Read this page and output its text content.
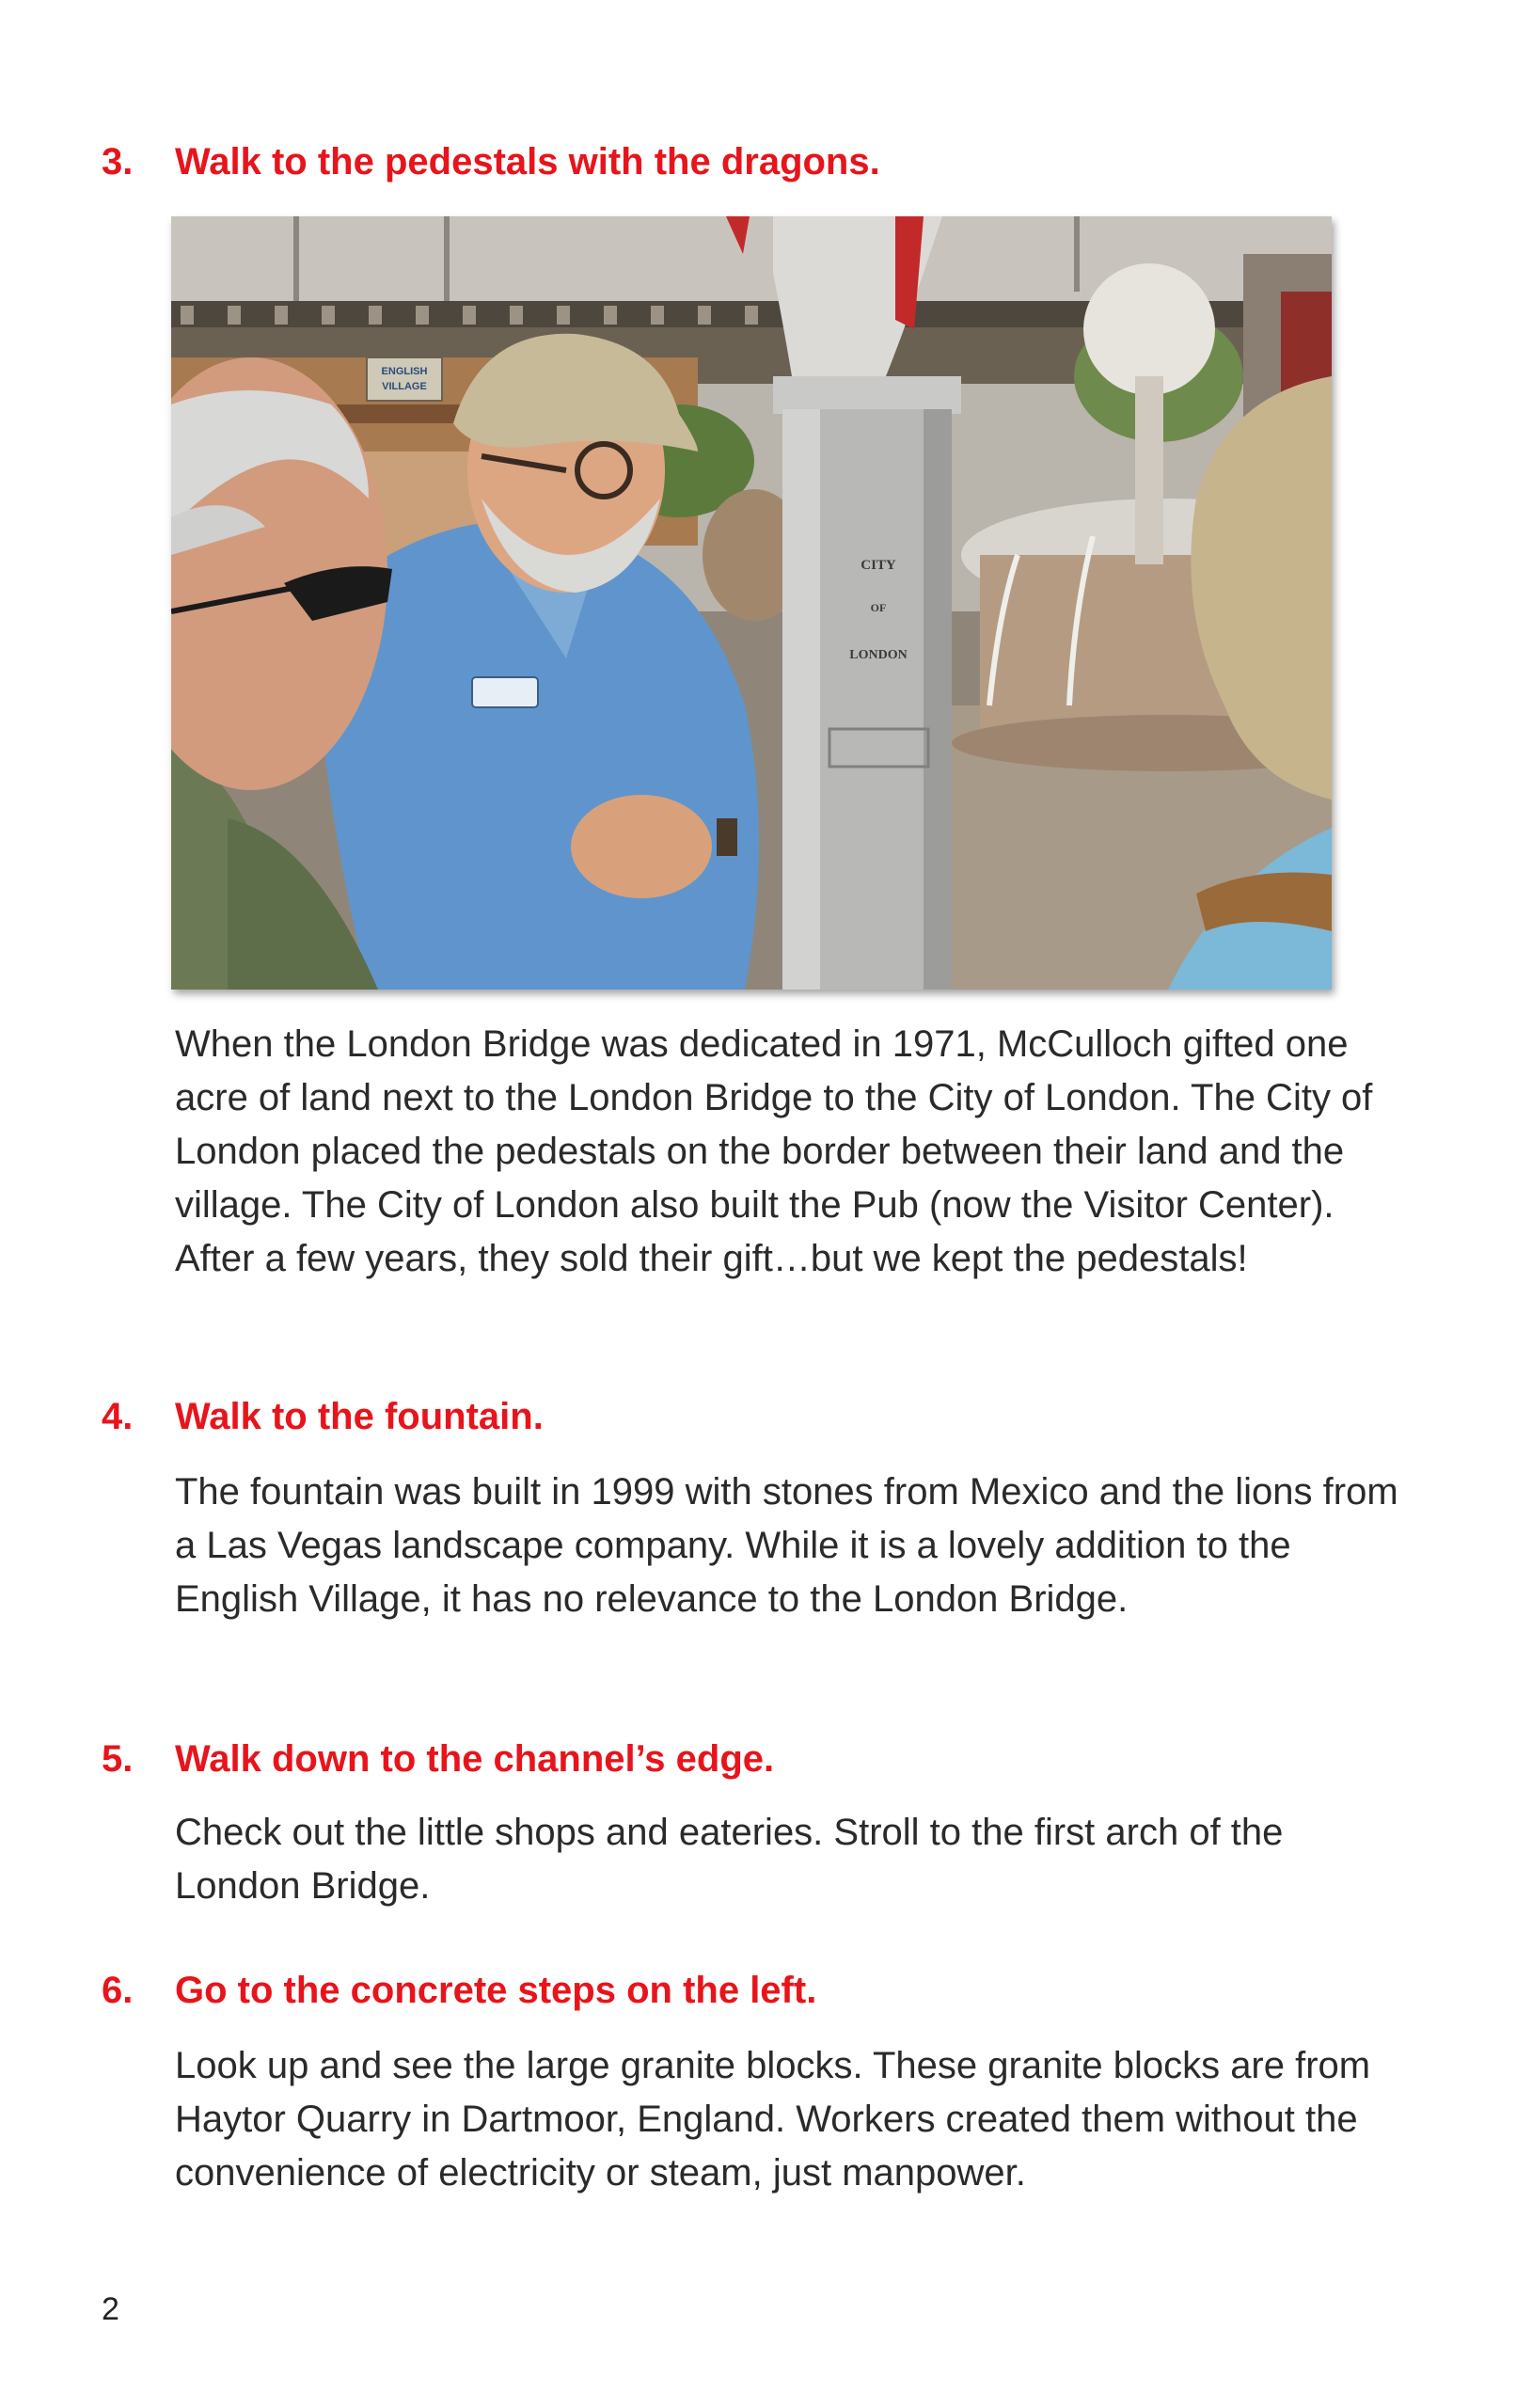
3. Walk to the pedestals with the dragons.
ENGLISH
VILLAGE
CITY
OF
LONDON

When the London Bridge was dedicated in 1971, McCulloch gifted one acre of land next to the London Bridge to the City of London. The City of London placed the pedestals on the border between their land and the village. The City of London also built the Pub (now the Visitor Center). After a few years, they sold their gift…but we kept the pedestals!

4. Walk to the fountain.

The fountain was built in 1999 with stones from Mexico and the lions from a Las Vegas landscape company. While it is a lovely addition to the English Village, it has no relevance to the London Bridge.

5. Walk down to the channel’s edge.

Check out the little shops and eateries. Stroll to the first arch of the London Bridge.

6. Go to the concrete steps on the left.

Look up and see the large granite blocks. These granite blocks are from Haytor Quarry in Dartmoor, England. Workers created them without the convenience of electricity or steam, just manpower.

2
